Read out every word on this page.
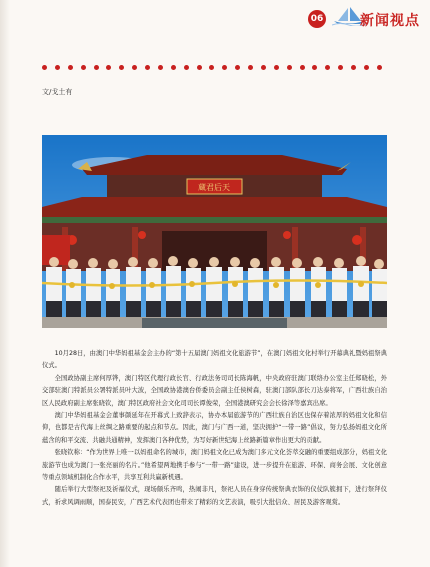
06	新闻视点
文/戈土有
蔵君后天

10月28日，由澳门中华妈祖基金会主办的“第十五届澳门妈祖文化旅游节”，在澳门妈祖文化村举行开幕典礼暨妈祖祭典仪式。

全国政协副主席何厚铧，澳门特区代理行政长官、行政法务司司长陈海帆，中央政府驻澳门联络办公室主任郑晓松，外交部驻澳门特派员公署特派员叶大波，全国政协港澳台侨委员会副主任侯树森，驻澳门部队部长刀达泰将军，广西壮族自治区人民政府副主席张晓钦，澳门特区政府社会文化司司长谭俊荣，全国港澳研究会会长徐泽等嘉宾出席。

澳门中华妈祖基金会董事颜延年在开幕式上致辞表示，协办本届旅游节的广西壮族自治区也保存着浓厚的妈祖文化和信仰，也都是古代海上丝绸之路重要的起点和节点。因此，澳门与广西一道，坚决拥护“一带一路”倡议，努力弘扬妈祖文化所蕴含的和平交流、共融共通精神，发挥澳门各种优势，为写好新世纪海上丝路新篇章作出更大的贡献。

张晓钦称：“作为世界上唯一以妈祖命名的城市，澳门妈祖文化已成为澳门多元文化荟萃交融的重要组成部分，妈祖文化旅游节也成为澳门一张亮丽的名片。”他希望两地携手参与“一带一路”建设，进一步提升在旅游、环保、商务会展、文化创意等重点领域机制化合作水平，共享互利共赢新机遇。

随后举行大型祭祀及祈福仪式，现场颇乐齐鸣，热闹非凡，祭祀人员在身穿传统祭典衣饰的仪仗队簇拥下，进行祭拜仪式，祈求风调雨顺，国泰民安，广西艺术代表团也带来了精彩的文艺表演，吸引大批信众、居民及游客观赏。
